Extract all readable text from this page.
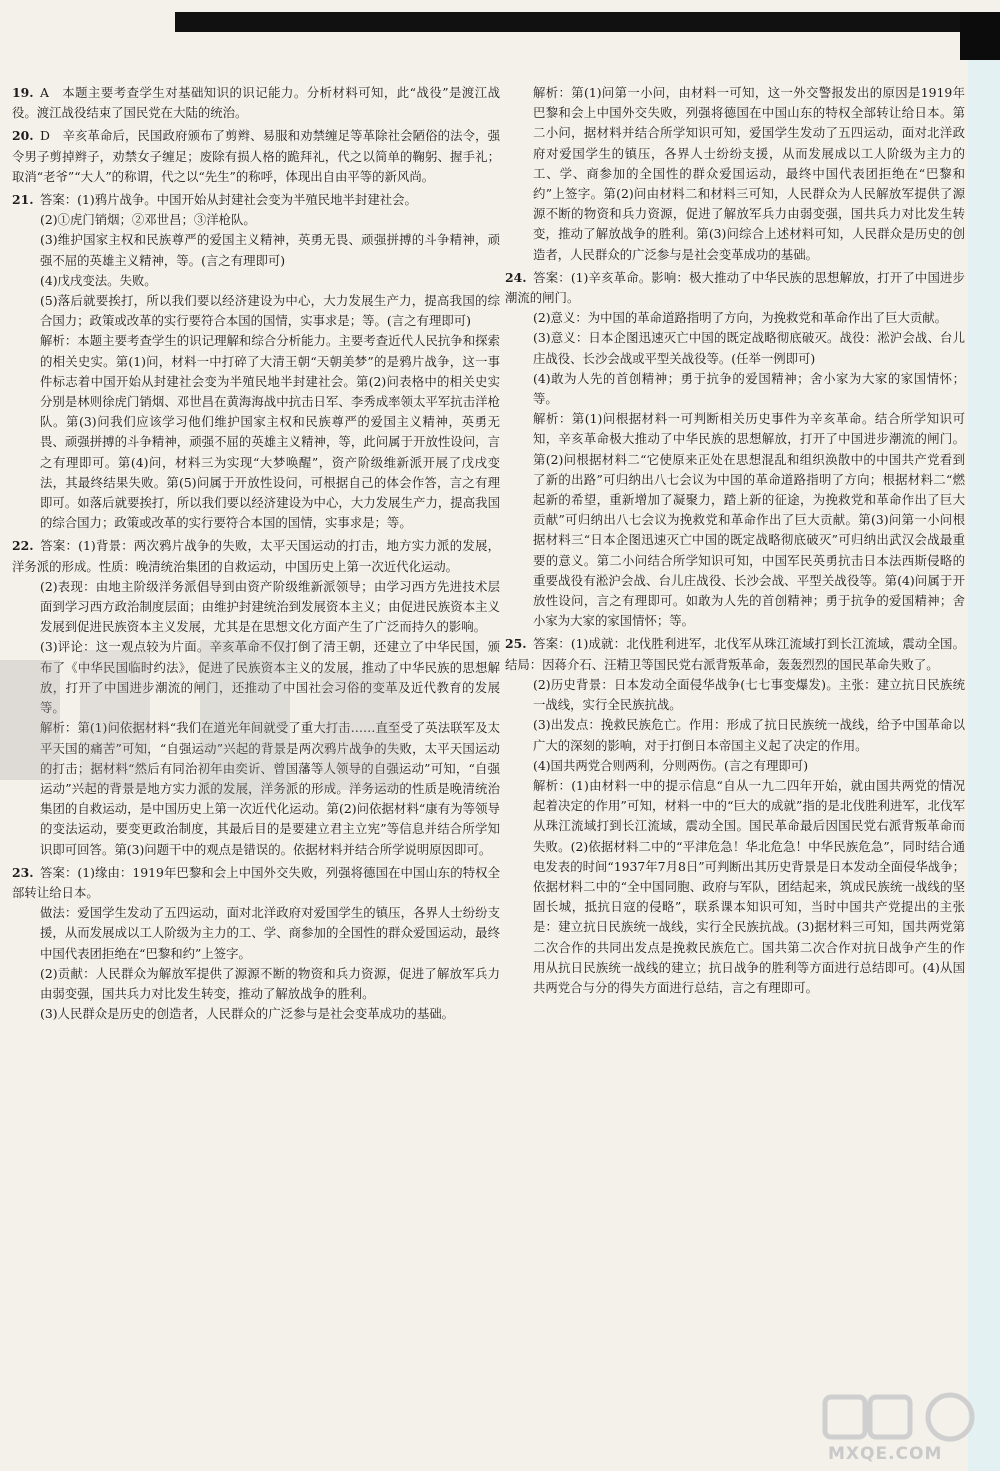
19. A　本题主要考查学生对基础知识的识记能力。分析材料可知，此“战役”是渡江战役。渡江战役结束了国民党在大陆的统治。
20. D　辛亥革命后，民国政府颁布了剪辫、易服和劝禁缠足等革除社会陋俗的法令，强令男子剪掉辫子，劝禁女子缠足；废除有损人格的跪拜礼，代之以简单的鞠躬、握手礼；取消“老爷”“大人”的称谓，代之以“先生”的称呼，体现出自由平等的新风尚。
21. 答案：(1)鸦片战争。中国开始从封建社会变为半殖民地半封建社会。

(2)①虎门销烟；②邓世昌；③洋枪队。

(3)维护国家主权和民族尊严的爱国主义精神，英勇无畏、顽强拼搏的斗争精神，顽强不屈的英雄主义精神，等。(言之有理即可)

(4)戊戌变法。失败。

(5)落后就要挨打，所以我们要以经济建设为中心，大力发展生产力，提高我国的综合国力；政策或改革的实行要符合本国的国情，实事求是；等。(言之有理即可)

解析：本题主要考查学生的识记理解和综合分析能力。主要考查近代人民抗争和探索的相关史实。第(1)问，材料一中打碎了大清王朝“天朝美梦”的是鸦片战争，这一事件标志着中国开始从封建社会变为半殖民地半封建社会。第(2)问表格中的相关史实分别是林则徐虎门销烟、邓世昌在黄海海战中抗击日军、李秀成率领太平军抗击洋枪队。第(3)问我们应该学习他们维护国家主权和民族尊严的爱国主义精神，英勇无畏、顽强拼搏的斗争精神，顽强不屈的英雄主义精神，等，此问属于开放性设问，言之有理即可。第(4)问，材料三为实现“大梦唤醒”，资产阶级维新派开展了戊戌变法，其最终结果失败。第(5)问属于开放性设问，可根据自己的体会作答，言之有理即可。如落后就要挨打，所以我们要以经济建设为中心，大力发展生产力，提高我国的综合国力；政策或改革的实行要符合本国的国情，实事求是；等。

22. 答案：(1)背景：两次鸦片战争的失败，太平天国运动的打击，地方实力派的发展，洋务派的形成。性质：晚清统治集团的自救运动，中国历史上第一次近代化运动。

(2)表现：由地主阶级洋务派倡导到由资产阶级维新派领导；由学习西方先进技术层面到学习西方政治制度层面；由维护封建统治到发展资本主义；由促进民族资本主义发展到促进民族资本主义发展，尤其是在思想文化方面产生了广泛而持久的影响。

(3)评论：这一观点较为片面。辛亥革命不仅打倒了清王朝，还建立了中华民国，颁布了《中华民国临时约法》，促进了民族资本主义的发展，推动了中华民族的思想解放，打开了中国进步潮流的闸门，还推动了中国社会习俗的变革及近代教育的发展等。

解析：第(1)问依据材料“我们在道光年间就受了重大打击……直至受了英法联军及太平天国的痛苦”可知，“自强运动”兴起的背景是两次鸦片战争的失败，太平天国运动的打击；据材料“然后有同治初年由奕䜣、曾国藩等人领导的自强运动”可知，“自强运动”兴起的背景是地方实力派的发展，洋务派的形成。洋务运动的性质是晚清统治集团的自救运动，是中国历史上第一次近代化运动。第(2)问依据材料“康有为等领导的变法运动，要变更政治制度，其最后目的是要建立君主立宪”等信息并结合所学知识即可回答。第(3)问题干中的观点是错误的。依据材料并结合所学说明原因即可。

23. 答案：(1)缘由：1919年巴黎和会上中国外交失败，列强将德国在中国山东的特权全部转让给日本。

做法：爱国学生发动了五四运动，面对北洋政府对爱国学生的镇压，各界人士纷纷支援，从而发展成以工人阶级为主力的工、学、商参加的全国性的群众爱国运动，最终中国代表团拒绝在“巴黎和约”上签字。

(2)贡献：人民群众为解放军提供了源源不断的物资和兵力资源，促进了解放军兵力由弱变强，国共兵力对比发生转变，推动了解放战争的胜利。

(3)人民群众是历史的创造者，人民群众的广泛参与是社会变革成功的基础。

解析：第(1)问第一小问，由材料一可知，这一外交警报发出的原因是1919年巴黎和会上中国外交失败，列强将德国在中国山东的特权全部转让给日本。第二小问，据材料并结合所学知识可知，爱国学生发动了五四运动，面对北洋政府对爱国学生的镇压，各界人士纷纷支援，从而发展成以工人阶级为主力的工、学、商参加的全国性的群众爱国运动，最终中国代表团拒绝在“巴黎和约”上签字。第(2)问由材料二和材料三可知，人民群众为人民解放军提供了源源不断的物资和兵力资源，促进了解放军兵力由弱变强，国共兵力对比发生转变，推动了解放战争的胜利。第(3)问综合上述材料可知，人民群众是历史的创造者，人民群众的广泛参与是社会变革成功的基础。

24. 答案：(1)辛亥革命。影响：极大推动了中华民族的思想解放，打开了中国进步潮流的闸门。

(2)意义：为中国的革命道路指明了方向，为挽救党和革命作出了巨大贡献。

(3)意义：日本企图迅速灭亡中国的既定战略彻底破灭。战役：淞沪会战、台儿庄战役、长沙会战或平型关战役等。(任举一例即可)

(4)敢为人先的首创精神；勇于抗争的爱国精神；舍小家为大家的家国情怀；等。

解析：第(1)问根据材料一可判断相关历史事件为辛亥革命。结合所学知识可知，辛亥革命极大推动了中华民族的思想解放，打开了中国进步潮流的闸门。第(2)问根据材料二“它使原来正处在思想混乱和组织涣散中的中国共产党看到了新的出路”可归纳出八七会议为中国的革命道路指明了方向；根据材料二“燃起新的希望，重新增加了凝聚力，踏上新的征途，为挽救党和革命作出了巨大贡献”可归纳出八七会议为挽救党和革命作出了巨大贡献。第(3)问第一小问根据材料三“日本企图迅速灭亡中国的既定战略彻底破灭”可归纳出武汉会战最重要的意义。第二小问结合所学知识可知，中国军民英勇抗击日本法西斯侵略的重要战役有淞沪会战、台儿庄战役、长沙会战、平型关战役等。第(4)问属于开放性设问，言之有理即可。如敢为人先的首创精神；勇于抗争的爱国精神；舍小家为大家的家国情怀；等。

25. 答案：(1)成就：北伐胜利进军，北伐军从珠江流域打到长江流域，震动全国。结局：因蒋介石、汪精卫等国民党右派背叛革命，轰轰烈烈的国民革命失败了。

(2)历史背景：日本发动全面侵华战争(七七事变爆发)。主张：建立抗日民族统一战线，实行全民族抗战。

(3)出发点：挽救民族危亡。作用：形成了抗日民族统一战线，给予中国革命以广大的深刻的影响，对于打倒日本帝国主义起了决定的作用。

(4)国共两党合则两利，分则两伤。(言之有理即可)

解析：(1)由材料一中的提示信息“自从一九二四年开始，就由国共两党的情况起着决定的作用”可知，材料一中的“巨大的成就”指的是北伐胜利进军，北伐军从珠江流域打到长江流域，震动全国。国民革命最后因国民党右派背叛革命而失败。(2)依据材料二中的“平津危急！华北危急！中华民族危急”，同时结合通电发表的时间“1937年7月8日”可判断出其历史背景是日本发动全面侵华战争；依据材料二中的“全中国同胞、政府与军队，团结起来，筑成民族统一战线的坚固长城，抵抗日寇的侵略”，联系课本知识可知，当时中国共产党提出的主张是：建立抗日民族统一战线，实行全民族抗战。(3)据材料三可知，国共两党第二次合作的共同出发点是挽救民族危亡。国共第二次合作对抗日战争产生的作用从抗日民族统一战线的建立；抗日战争的胜利等方面进行总结即可。(4)从国共两党合与分的得失方面进行总结，言之有理即可。

MXQE.COM
